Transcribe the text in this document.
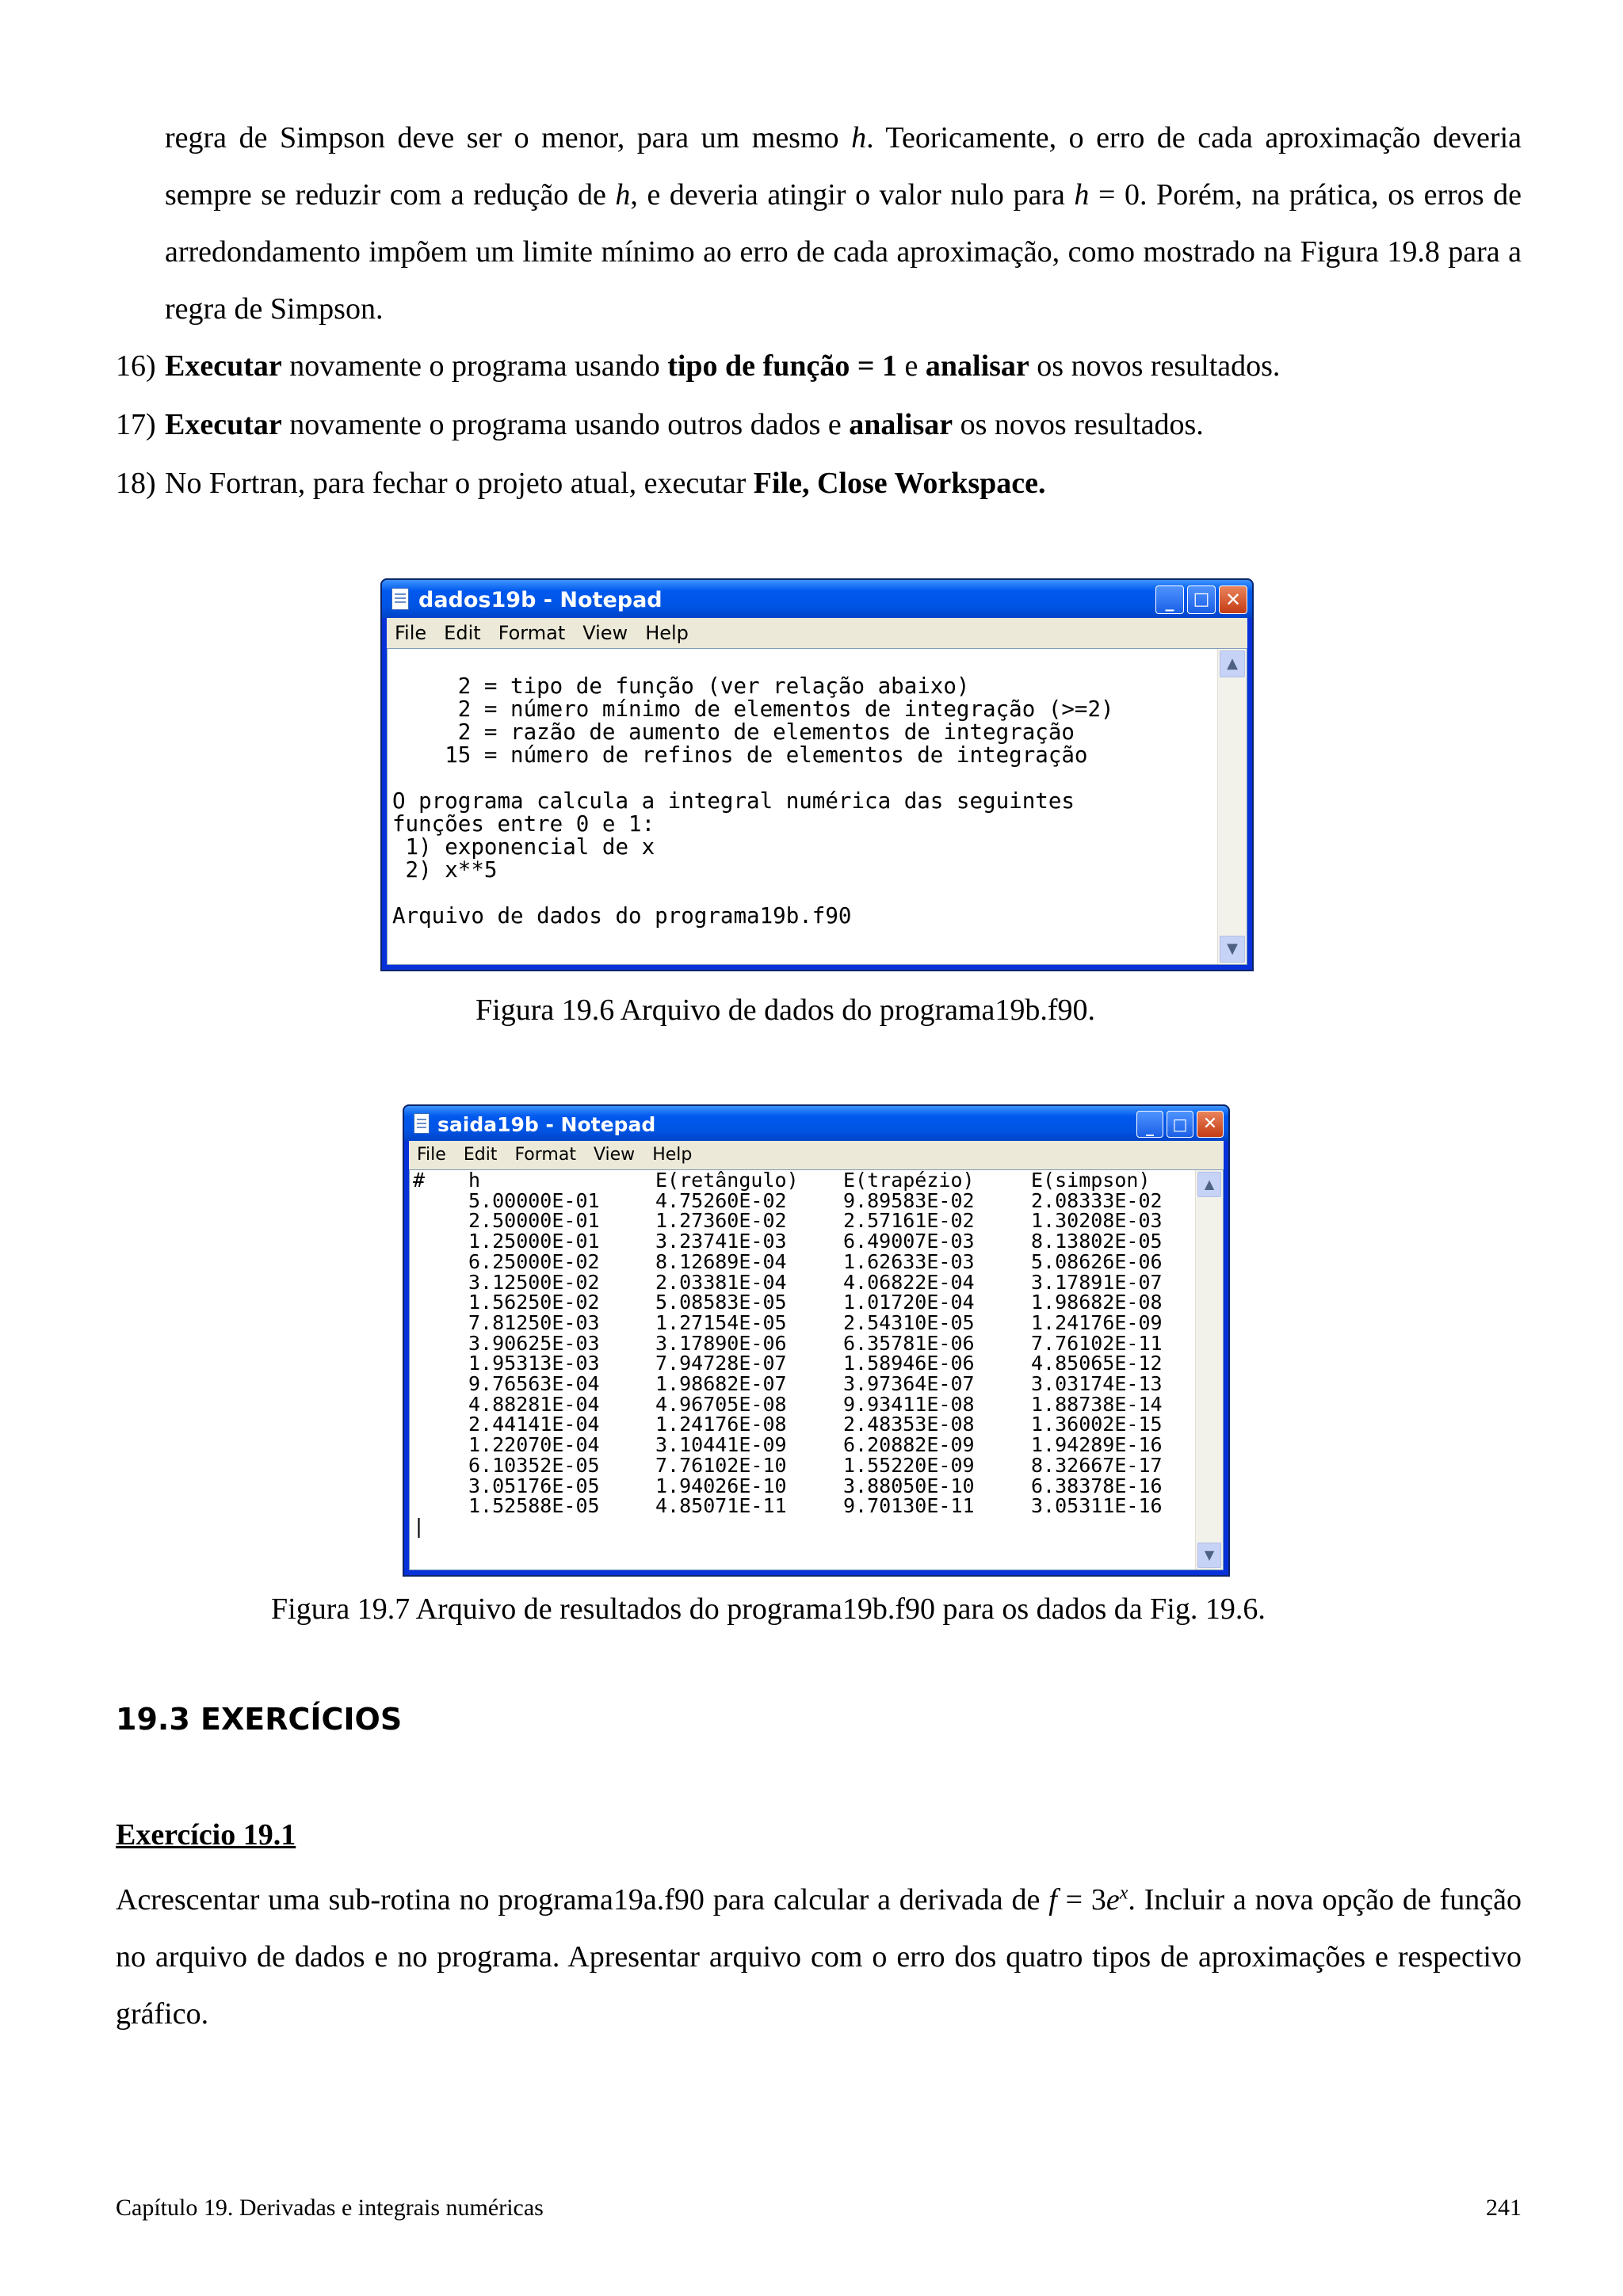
regra de Simpson deve ser o menor, para um mesmo h. Teoricamente, o erro de cada aproximação deveria sempre se reduzir com a redução de h, e deveria atingir o valor nulo para h = 0. Porém, na prática, os erros de arredondamento impõem um limite mínimo ao erro de cada aproximação, como mostrado na Figura 19.8 para a regra de Simpson.
16) Executar novamente o programa usando tipo de função = 1 e analisar os novos resultados.
17) Executar novamente o programa usando outros dados e analisar os novos resultados.
18) No Fortran, para fechar o projeto atual, executar File, Close Workspace.
dados19b - Notepad	_	□ ✕
File Edit Format View Help

2 = tipo de função (ver relação abaixo)
2 = número mínimo de elementos de integração (>=2)
2 = razão de aumento de elementos de integração
15 = número de refinos de elementos de integração

O programa calcula a integral numérica das seguintes
funções entre 0 e 1:
1) exponencial de x
2) x**5

Arquivo de dados do programa19b.f90
▲
▼
Figura 19.6 Arquivo de dados do programa19b.f90.
saida19b - Notepad	_	□ ✕
File Edit Format View Help
#	h	E(retângulo)	E(trapézio)	E(simpson)
	5.00000E-01	4.75260E-02	9.89583E-02	2.08333E-02
	2.50000E-01	1.27360E-02	2.57161E-02	1.30208E-03
	1.25000E-01	3.23741E-03	6.49007E-03	8.13802E-05
	6.25000E-02	8.12689E-04	1.62633E-03	5.08626E-06
	3.12500E-02	2.03381E-04	4.06822E-04	3.17891E-07
	1.56250E-02	5.08583E-05	1.01720E-04	1.98682E-08
	7.81250E-03	1.27154E-05	2.54310E-05	1.24176E-09
	3.90625E-03	3.17890E-06	6.35781E-06	7.76102E-11
	1.95313E-03	7.94728E-07	1.58946E-06	4.85065E-12
	9.76563E-04	1.98682E-07	3.97364E-07	3.03174E-13
	4.88281E-04	4.96705E-08	9.93411E-08	1.88738E-14
	2.44141E-04	1.24176E-08	2.48353E-08	1.36002E-15
	1.22070E-04	3.10441E-09	6.20882E-09	1.94289E-16
	6.10352E-05	7.76102E-10	1.55220E-09	8.32667E-17
	3.05176E-05	1.94026E-10	3.88050E-10	6.38378E-16
	1.52588E-05	4.85071E-11	9.70130E-11	3.05311E-16
|				
▲
▼
Figura 19.7 Arquivo de resultados do programa19b.f90 para os dados da Fig. 19.6.
19.3 EXERCÍCIOS
Exercício 19.1
Acrescentar uma sub-rotina no programa19a.f90 para calcular a derivada de $f = 3e^x$. Incluir a nova opção de função no arquivo de dados e no programa. Apresentar arquivo com o erro dos quatro tipos de aproximações e respectivo gráfico.
Capítulo 19. Derivadas e integrais numéricas	241
